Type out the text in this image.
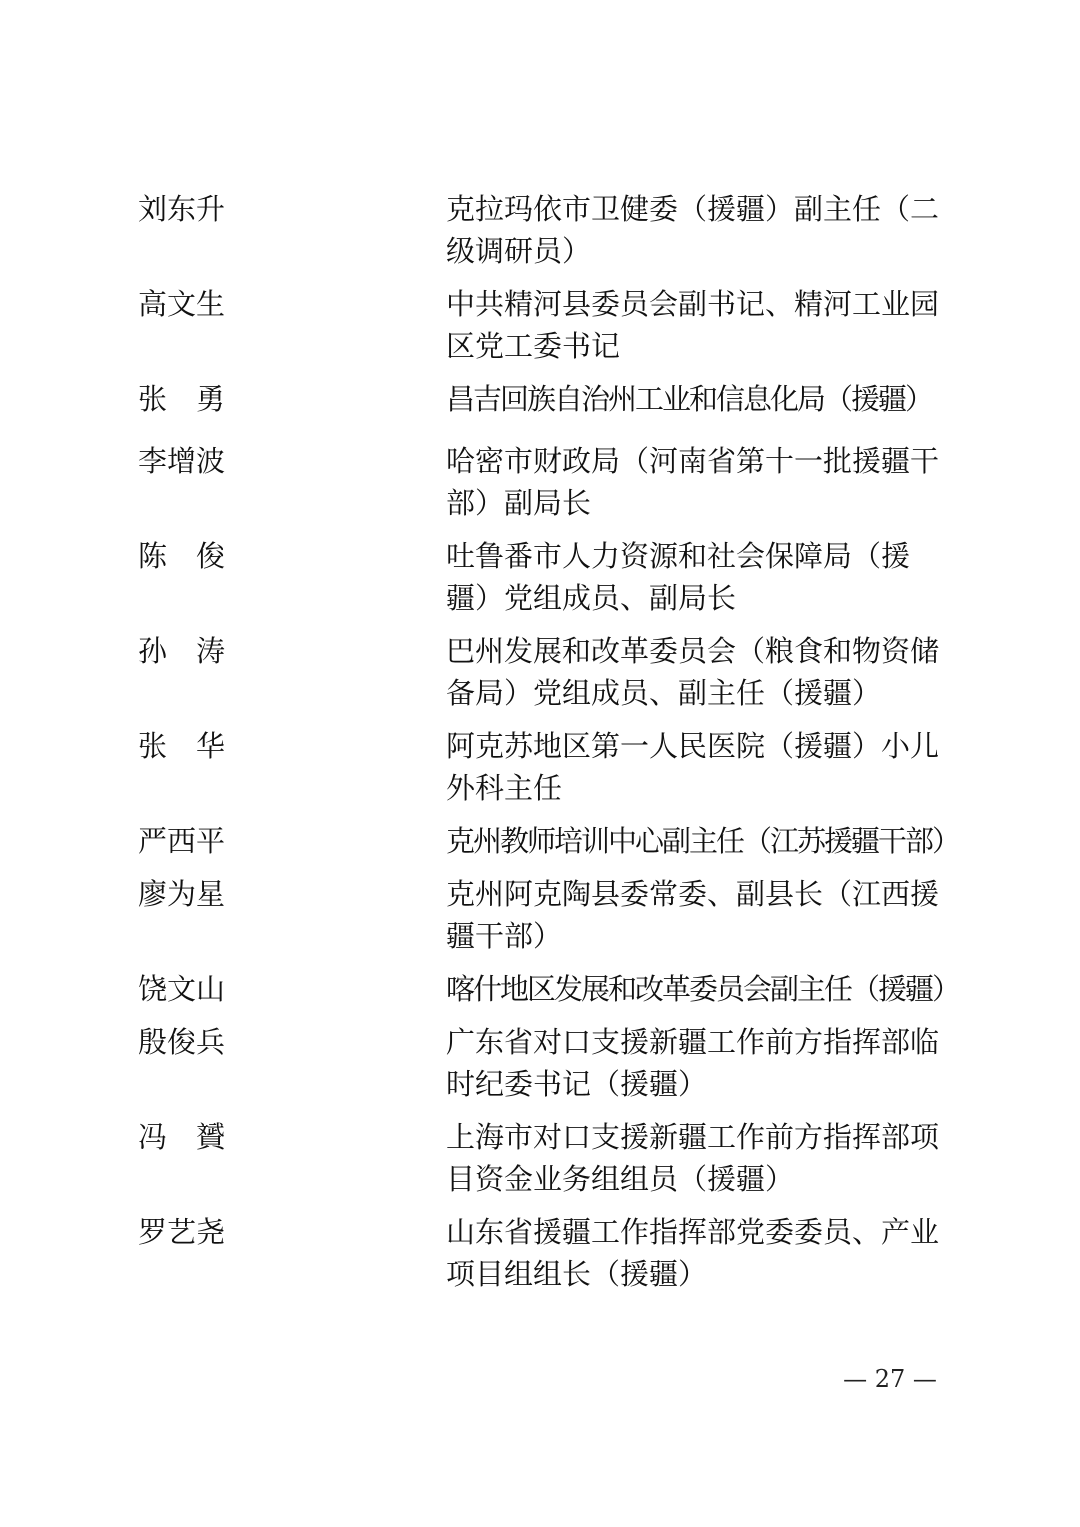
刘东升	克拉玛依市卫健委（援疆）副主任（二级调研员）
高文生	中共精河县委员会副书记、精河工业园区党工委书记
张　勇	昌吉回族自治州工业和信息化局（援疆）
李增波	哈密市财政局（河南省第十一批援疆干部）副局长
陈　俊	吐鲁番市人力资源和社会保障局（援疆）党组成员、副局长
孙　涛	巴州发展和改革委员会（粮食和物资储备局）党组成员、副主任（援疆）
张　华	阿克苏地区第一人民医院（援疆）小儿外科主任
严西平	克州教师培训中心副主任（江苏援疆干部）
廖为星	克州阿克陶县委常委、副县长（江西援疆干部）
饶文山	喀什地区发展和改革委员会副主任（援疆）
殷俊兵	广东省对口支援新疆工作前方指挥部临时纪委书记（援疆）
冯　贇	上海市对口支援新疆工作前方指挥部项目资金业务组组员（援疆）
罗艺尧	山东省援疆工作指挥部党委委员、产业项目组组长（援疆）
— 27 —
